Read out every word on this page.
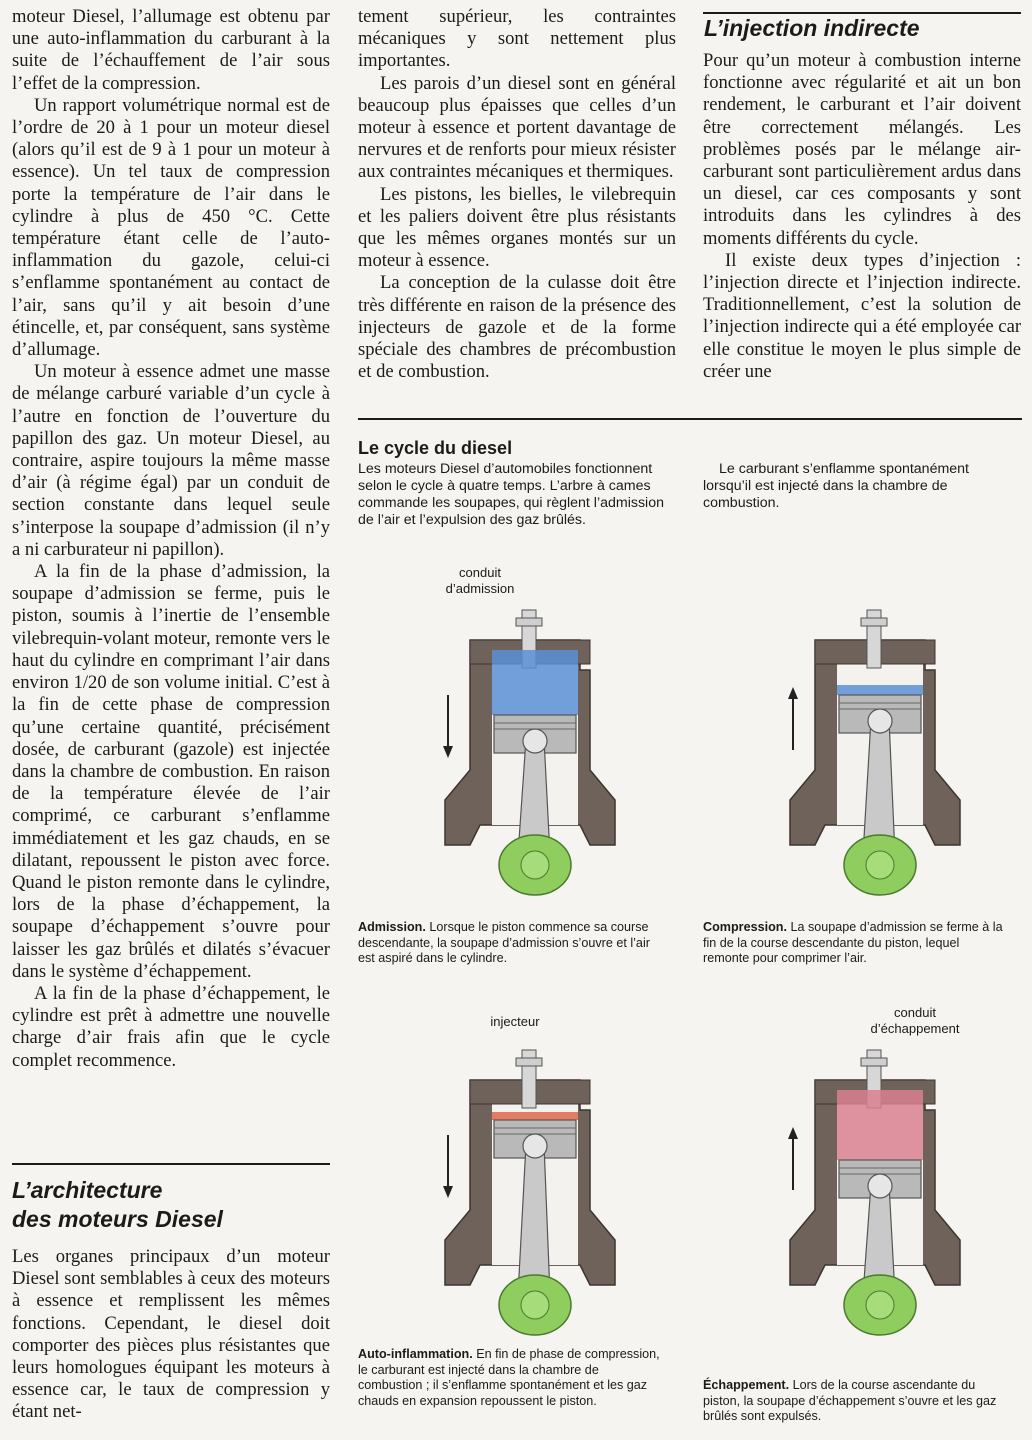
moteur Diesel, l’allumage est obtenu par une auto-inflammation du carburant à la suite de l’échauffement de l’air sous l’effet de la compression.

Un rapport volumétrique normal est de l’ordre de 20 à 1 pour un moteur diesel (alors qu’il est de 9 à 1 pour un moteur à essence). Un tel taux de compression porte la température de l’air dans le cylindre à plus de 450 °C. Cette température étant celle de l’auto-inflammation du gazole, celui-ci s’enflamme spontanément au contact de l’air, sans qu’il y ait besoin d’une étincelle, et, par conséquent, sans système d’allumage.

Un moteur à essence admet une masse de mélange carburé variable d’un cycle à l’autre en fonction de l’ouverture du papillon des gaz. Un moteur Diesel, au contraire, aspire toujours la même masse d’air (à régime égal) par un conduit de section constante dans lequel seule s’interpose la soupape d’admission (il n’y a ni carburateur ni papillon).

A la fin de la phase d’admission, la soupape d’admission se ferme, puis le piston, soumis à l’inertie de l’ensemble vilebrequin-volant moteur, remonte vers le haut du cylindre en comprimant l’air dans environ 1/20 de son volume initial. C’est à la fin de cette phase de compression qu’une certaine quantité, précisément dosée, de carburant (gazole) est injectée dans la chambre de combustion. En raison de la température élevée de l’air comprimé, ce carburant s’enflamme immédiatement et les gaz chauds, en se dilatant, repoussent le piston avec force. Quand le piston remonte dans le cylindre, lors de la phase d’échappement, la soupape d’échappement s’ouvre pour laisser les gaz brûlés et dilatés s’évacuer dans le système d’échappement.

A la fin de la phase d’échappement, le cylindre est prêt à admettre une nouvelle charge d’air frais afin que le cycle complet recommence.

L’architecture
des moteurs Diesel

Les organes principaux d’un moteur Diesel sont semblables à ceux des moteurs à essence et remplissent les mêmes fonctions. Cependant, le diesel doit comporter des pièces plus résistantes que leurs homologues équipant les moteurs à essence car, le taux de compression y étant net-

tement supérieur, les contraintes mécaniques y sont nettement plus importantes.

Les parois d’un diesel sont en général beaucoup plus épaisses que celles d’un moteur à essence et portent davantage de nervures et de renforts pour mieux résister aux contraintes mécaniques et thermiques.

Les pistons, les bielles, le vilebrequin et les paliers doivent être plus résistants que les mêmes organes montés sur un moteur à essence.

La conception de la culasse doit être très différente en raison de la présence des injecteurs de gazole et de la forme spéciale des chambres de précombustion et de combustion.

L’injection indirecte

Pour qu’un moteur à combustion interne fonctionne avec régularité et ait un bon rendement, le carburant et l’air doivent être correctement mélangés. Les problèmes posés par le mélange air-carburant sont particulièrement ardus dans un diesel, car ces composants y sont introduits dans les cylindres à des moments différents du cycle.

Il existe deux types d’injection : l’injection directe et l’injection indirecte. Traditionnellement, c’est la solution de l’injection indirecte qui a été employée car elle constitue le moyen le plus simple de créer une

Le cycle du diesel
Les moteurs Diesel d’automobiles fonctionnent selon le cycle à quatre temps. L’arbre à cames commande les soupapes, qui règlent l’admission de l’air et l’expulsion des gaz brûlés.
Le carburant s’enflamme spontanément lorsqu’il est injecté dans la chambre de combustion.
conduit
d’admission
injecteur
conduit
d’échappement
Admission. Lorsque le piston commence sa course descendante, la soupape d’admission s’ouvre et l’air est aspiré dans le cylindre.
Compression. La soupape d’admission se ferme à la fin de la course descendante du piston, lequel remonte pour comprimer l’air.
Auto-inflammation. En fin de phase de compression, le carburant est injecté dans la chambre de combustion ; il s’enflamme spontanément et les gaz chauds en expansion repoussent le piston.
Échappement. Lors de la course ascendante du piston, la soupape d’échappement s’ouvre et les gaz brûlés sont expulsés.
